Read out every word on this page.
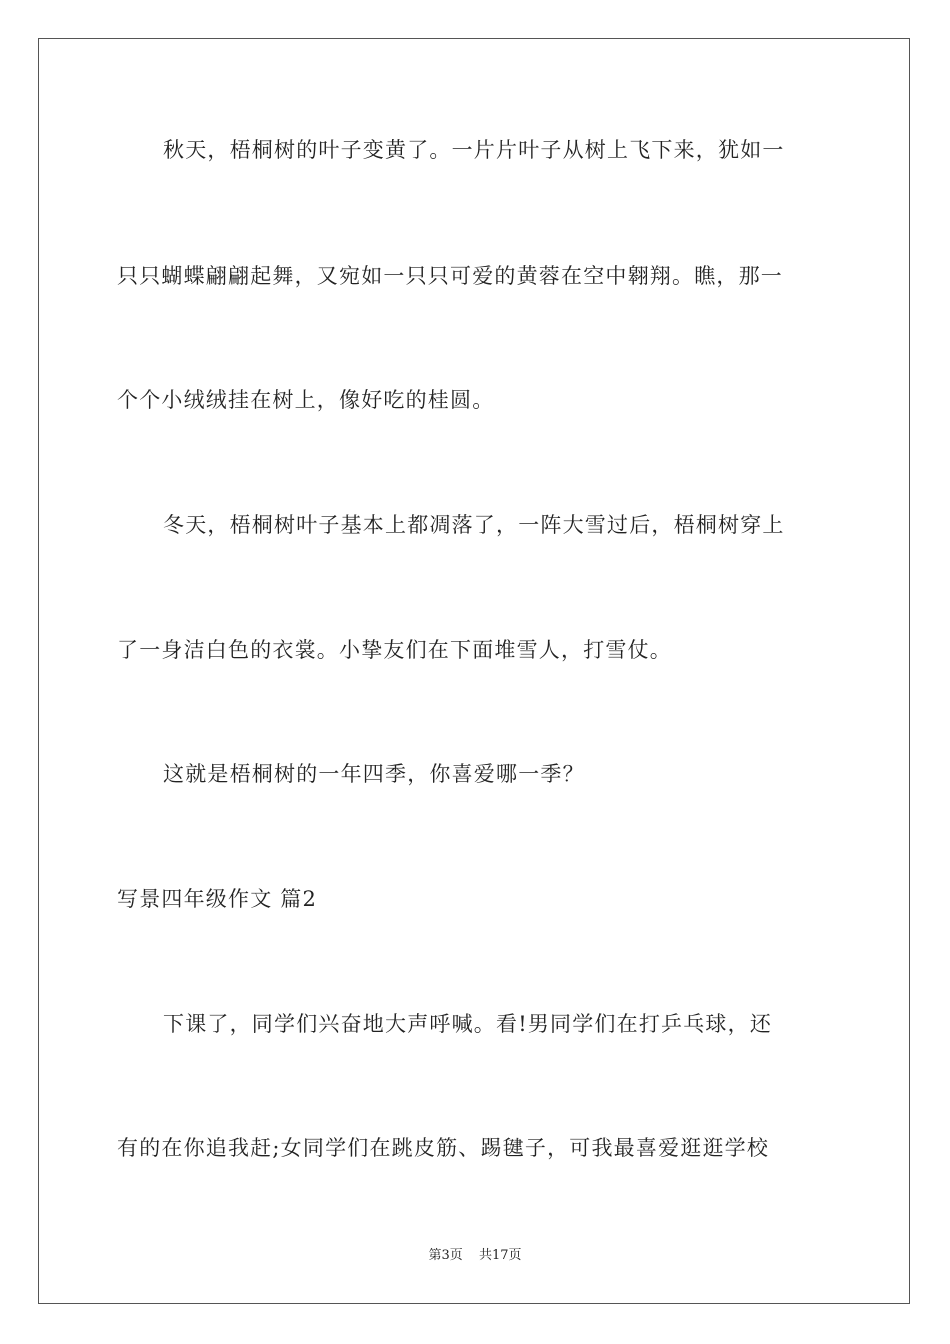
秋天，梧桐树的叶子变黄了。一片片叶子从树上飞下来，犹如一
只只蝴蝶翩翩起舞，又宛如一只只可爱的黄蓉在空中翱翔。瞧，那一
个个小绒绒挂在树上，像好吃的桂圆。
冬天，梧桐树叶子基本上都凋落了，一阵大雪过后，梧桐树穿上
了一身洁白色的衣裳。小挚友们在下面堆雪人，打雪仗。
这就是梧桐树的一年四季，你喜爱哪一季？
写景四年级作文 篇2
下课了，同学们兴奋地大声呼喊。看!男同学们在打乒乓球，还
有的在你追我赶;女同学们在跳皮筋、踢毽子，可我最喜爱逛逛学校
第3页 共17页
